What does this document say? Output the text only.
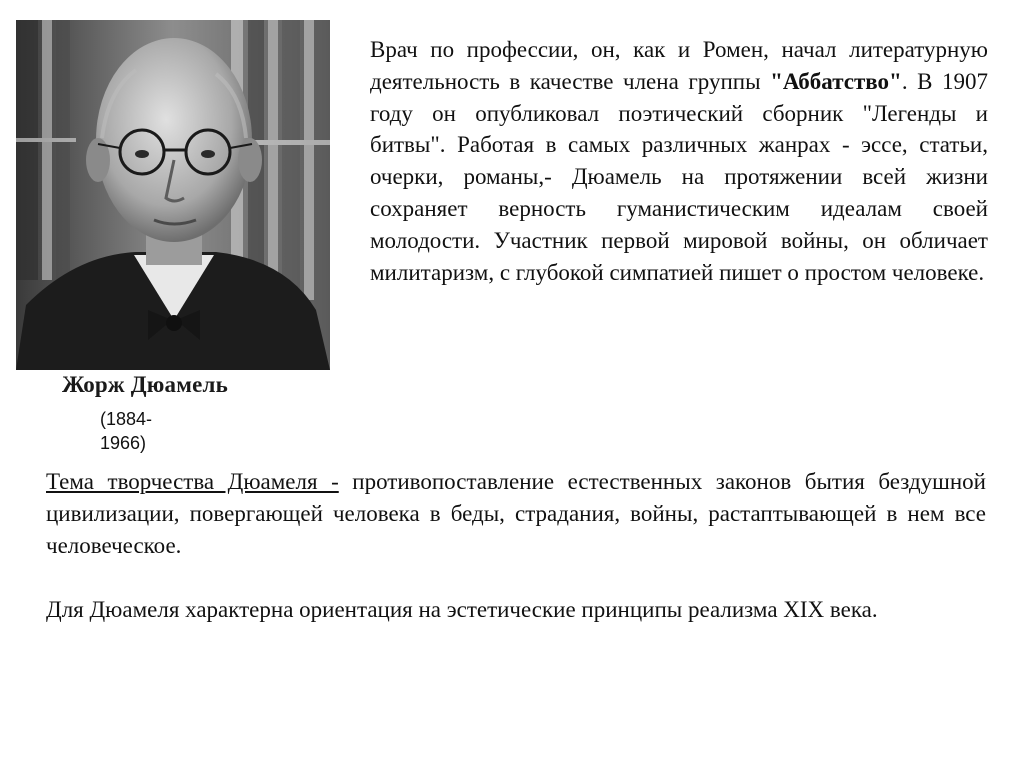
Жорж Дюамель
(1884-
1966)
Врач по профессии, он, как и Ромен, начал литературную деятельность в качестве члена группы "Аббатство". В 1907 году он опубликовал поэтический сборник "Легенды и битвы". Работая в самых различных жанрах - эссе, статьи, очерки, романы,- Дюамель на протяжении всей жизни сохраняет верность гуманистическим идеалам своей молодости. Участник первой мировой войны, он обличает милитаризм, с глубокой симпатией пишет о простом человеке.
Тема творчества Дюамеля - противопоставление естественных законов бытия бездушной цивилизации, повергающей человека в беды, страдания, войны, растаптывающей в нем все человеческое.
Для Дюамеля характерна ориентация на эстетические принципы реализма XIX века.
